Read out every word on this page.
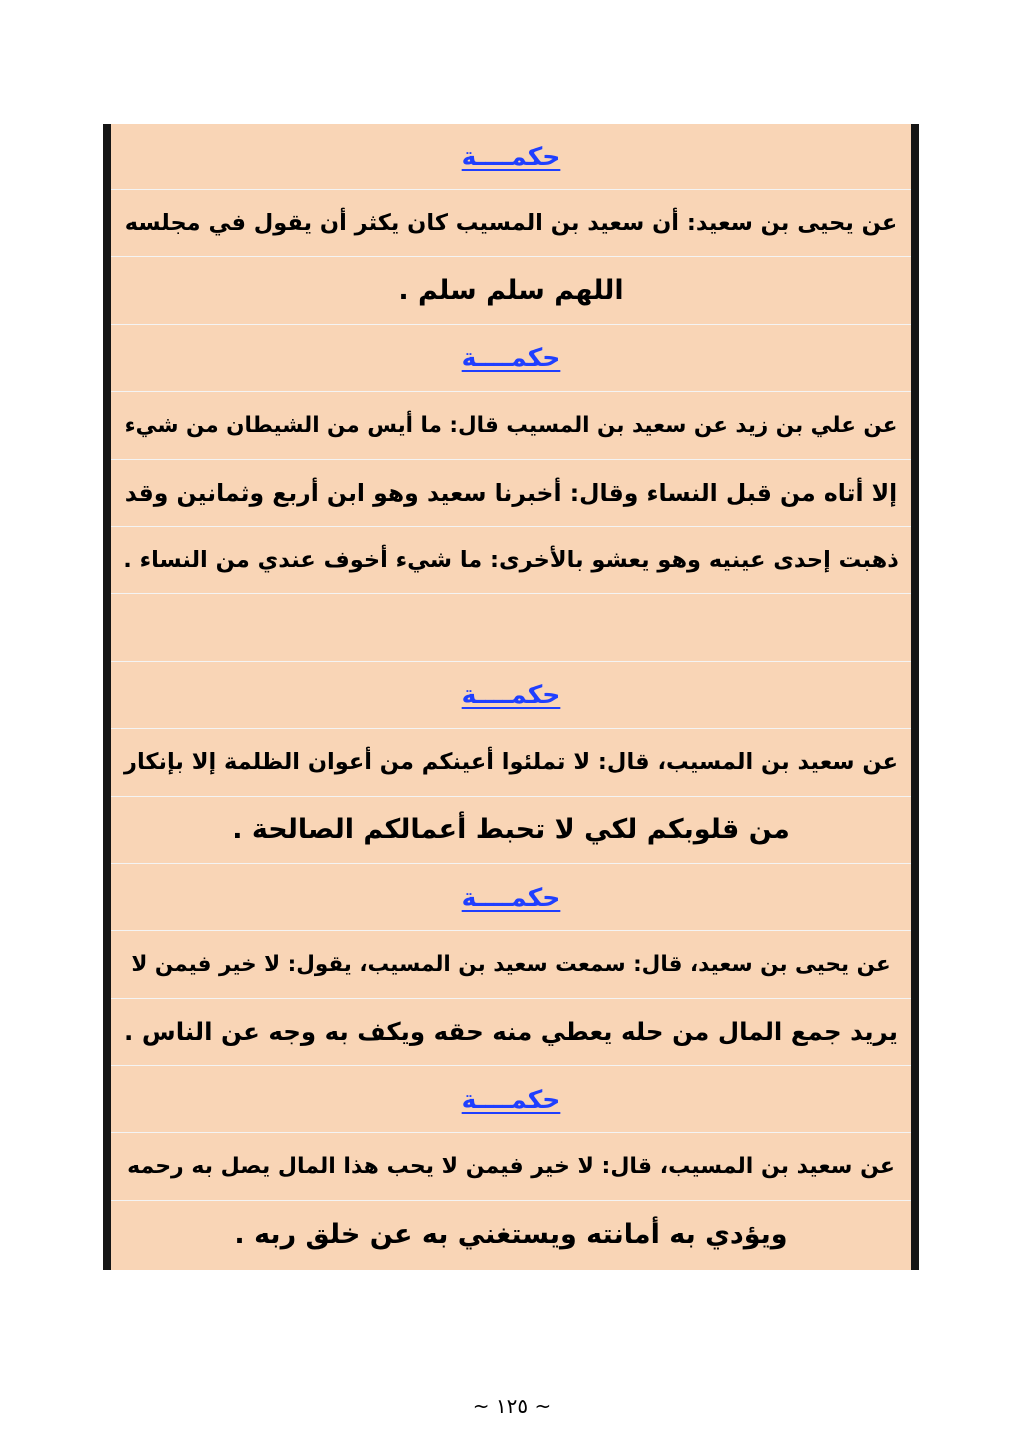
حكمــــة
عن يحيى بن سعيد: أن سعيد بن المسيب كان يكثر أن يقول في مجلسه
اللهم سلم سلم .
حكمــــة
عن علي بن زيد عن سعيد بن المسيب قال: ما أيس من الشيطان من شيء
إلا أتاه من قبل النساء وقال: أخبرنا سعيد وهو ابن أربع وثمانين وقد
ذهبت إحدى عينيه وهو يعشو بالأخرى: ما شيء أخوف عندي من النساء .
حكمــــة
عن سعيد بن المسيب، قال: لا تملئوا أعينكم من أعوان الظلمة إلا بإنكار
من قلوبكم لكي لا تحبط أعمالكم الصالحة .
حكمــــة
عن يحيى بن سعيد، قال: سمعت سعيد بن المسيب، يقول: لا خير فيمن لا
يريد جمع المال من حله يعطي منه حقه ويكف به وجه عن الناس .
حكمــــة
عن سعيد بن المسيب، قال: لا خير فيمن لا يحب هذا المال يصل به رحمه
ويؤدي به أمانته ويستغني به عن خلق ربه .
~ ١٢٥ ~
